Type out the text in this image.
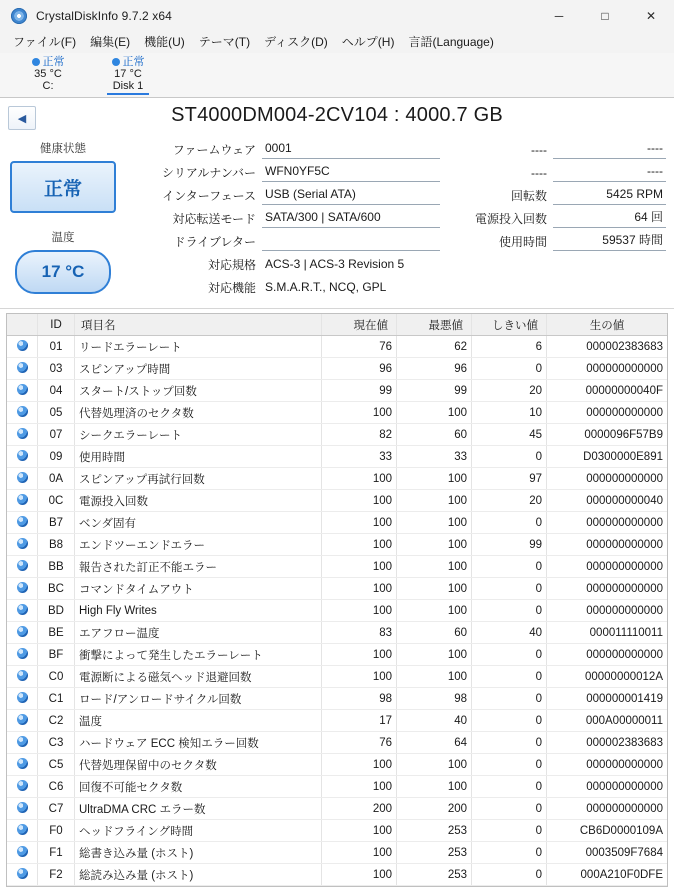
CrystalDiskInfo 9.7.2 x64	─	□	✕
ファイル(F)	編集(E)	機能(U)	テーマ(T)	ディスク(D)	ヘルプ(H)	言語(Language)
正常
35 °C
C:
正常
17 °C
Disk 1
◀	ST4000DM004-2CV104 : 4000.7 GB
健康状態
正常
温度
17 °C
ファームウェア 0001
シリアルナンバー WFN0YF5C
インターフェース USB (Serial ATA)
対応転送モード SATA/300 | SATA/600
ドライブレター
対応規格 ACS-3 | ACS-3 Revision 5
対応機能 S.M.A.R.T., NCQ, GPL
----	----
----	----
回転数	5425 RPM
電源投入回数	64 回
使用時間	59537 時間
	ID	項目名	現在値	最悪値	しきい値	生の値
	01	リードエラーレート	76	62	6	000002383683
	03	スピンアップ時間	96	96	0	000000000000
	04	スタート/ストップ回数	99	99	20	00000000040F
	05	代替処理済のセクタ数	100	100	10	000000000000
	07	シークエラーレート	82	60	45	0000096F57B9
	09	使用時間	33	33	0	D0300000E891
	0A	スピンアップ再試行回数	100	100	97	000000000000
	0C	電源投入回数	100	100	20	000000000040
	B7	ベンダ固有	100	100	0	000000000000
	B8	エンドツーエンドエラー	100	100	99	000000000000
	BB	報告された訂正不能エラー	100	100	0	000000000000
	BC	コマンドタイムアウト	100	100	0	000000000000
	BD	High Fly Writes	100	100	0	000000000000
	BE	エアフロー温度	83	60	40	000011110011
	BF	衝撃によって発生したエラーレート	100	100	0	000000000000
	C0	電源断による磁気ヘッド退避回数	100	100	0	00000000012A
	C1	ロード/アンロードサイクル回数	98	98	0	000000001419
	C2	温度	17	40	0	000A00000011
	C3	ハードウェア ECC 検知エラー回数	76	64	0	000002383683
	C5	代替処理保留中のセクタ数	100	100	0	000000000000
	C6	回復不可能セクタ数	100	100	0	000000000000
	C7	UltraDMA CRC エラー数	200	200	0	000000000000
	F0	ヘッドフライング時間	100	253	0	CB6D0000109A
	F1	総書き込み量 (ホスト)	100	253	0	0003509F7684
	F2	総読み込み量 (ホスト)	100	253	0	000A210F0DFE
